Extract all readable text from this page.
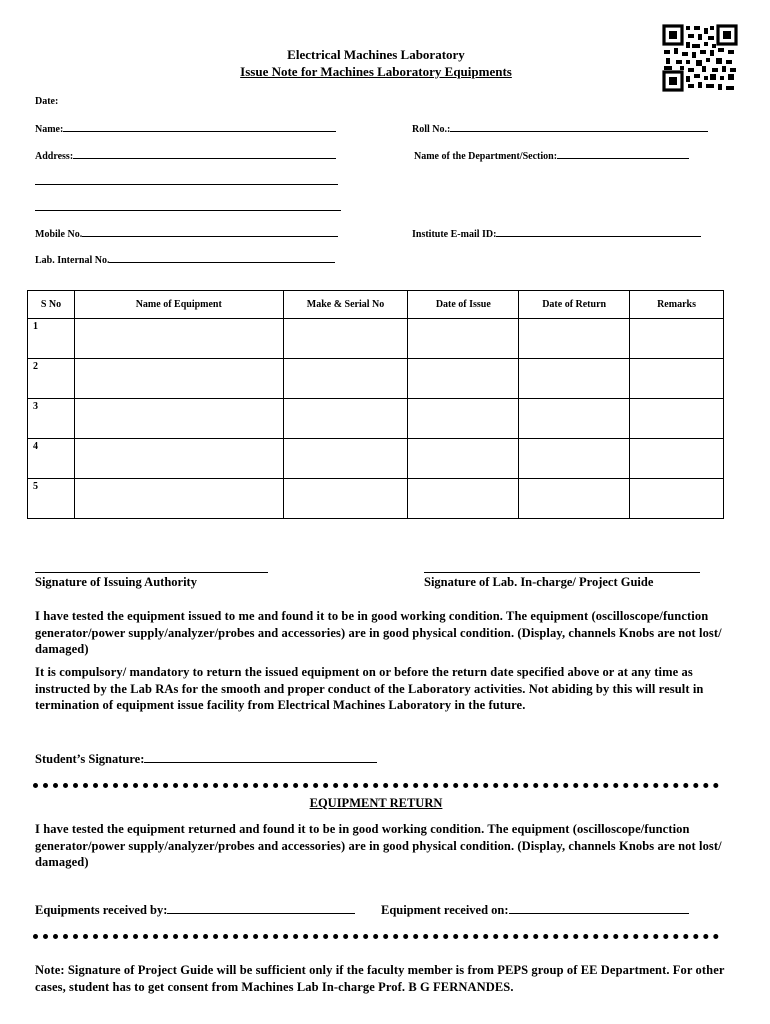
Electrical Machines Laboratory
Issue Note for Machines Laboratory Equipments
Date:
Name:	Roll No.:
Address:	Name of the Department/Section:
Mobile No.	Institute E-mail ID:
Lab. Internal No.
S No	Name of Equipment	Make & Serial No	Date of Issue	Date of Return	Remarks
1					
2					
3					
4					
5					
Signature of Issuing Authority	Signature of Lab. In-charge/ Project Guide
I have tested the equipment issued to me and found it to be in good working condition. The equipment (oscilloscope/function generator/power supply/analyzer/probes and accessories) are in good physical condition. (Display, channels Knobs are not lost/ damaged)
It is compulsory/ mandatory to return the issued equipment on or before the return date specified above or at any time as instructed by the Lab RAs for the smooth and proper conduct of the Laboratory activities. Not abiding by this will result in termination of equipment issue facility from Electrical Machines Laboratory in the future.
Student’s Signature:
EQUIPMENT RETURN
I have tested the equipment returned and found it to be in good working condition. The equipment (oscilloscope/function generator/power supply/analyzer/probes and accessories) are in good physical condition. (Display, channels Knobs are not lost/ damaged)
Equipments received by:	Equipment received on:
Note: Signature of Project Guide will be sufficient only if the faculty member is from PEPS group of EE Department. For other cases, student has to get consent from Machines Lab In-charge Prof. B G FERNANDES.
